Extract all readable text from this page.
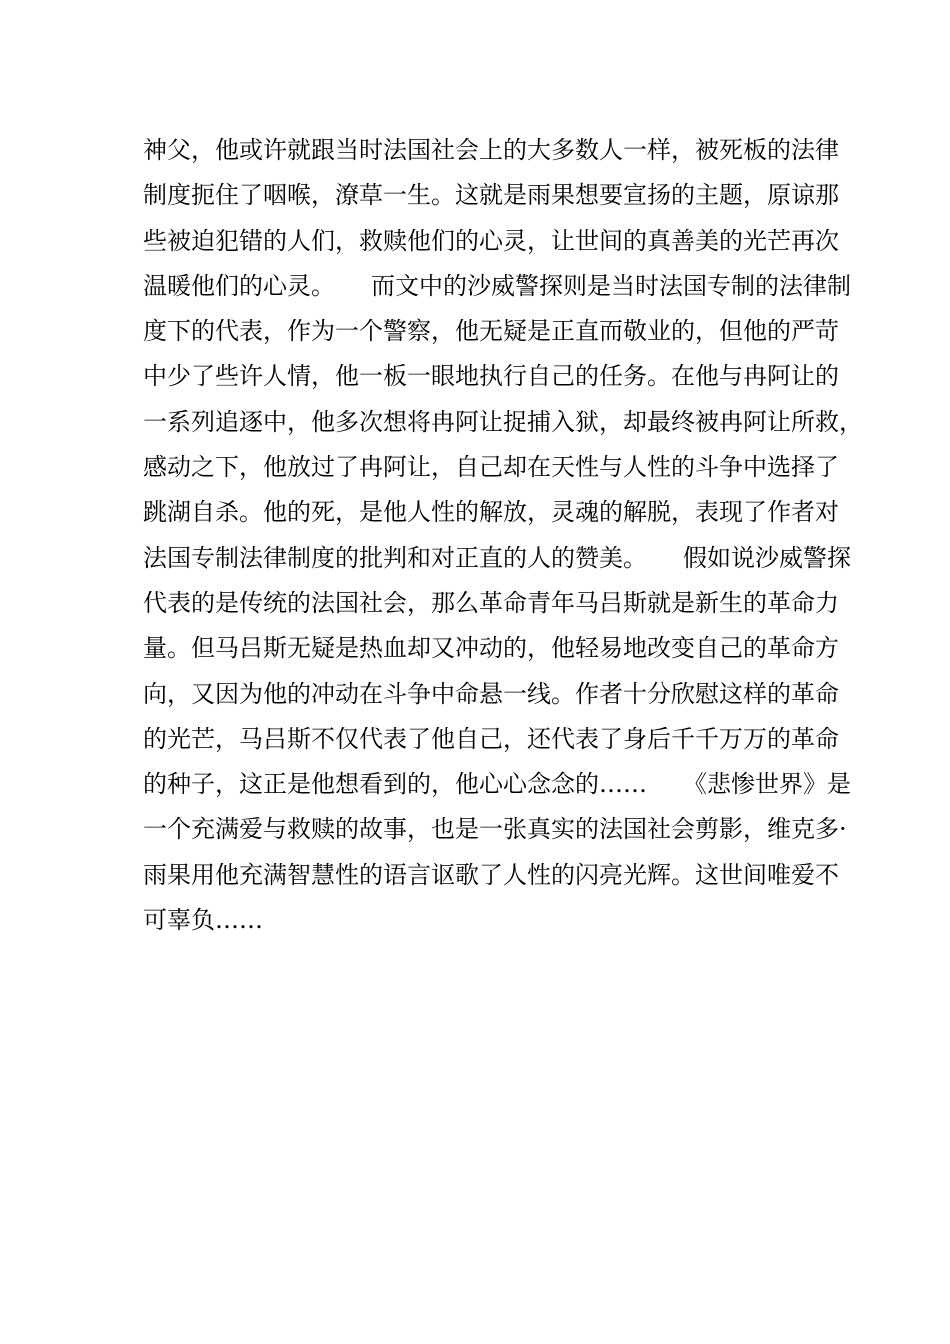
神父，他或许就跟当时法国社会上的大多数人一样，被死板的法律
制度扼住了咽喉，潦草一生。这就是雨果想要宣扬的主题，原谅那
些被迫犯错的人们，救赎他们的心灵，让世间的真善美的光芒再次
温暖他们的心灵。　　而文中的沙威警探则是当时法国专制的法律制
度下的代表，作为一个警察，他无疑是正直而敬业的，但他的严苛
中少了些许人情，他一板一眼地执行自己的任务。在他与冉阿让的
一系列追逐中，他多次想将冉阿让捉捕入狱，却最终被冉阿让所救，
感动之下，他放过了冉阿让，自己却在天性与人性的斗争中选择了
跳湖自杀。他的死，是他人性的解放，灵魂的解脱，表现了作者对
法国专制法律制度的批判和对正直的人的赞美。　　假如说沙威警探
代表的是传统的法国社会，那么革命青年马吕斯就是新生的革命力
量。但马吕斯无疑是热血却又冲动的，他轻易地改变自己的革命方
向，又因为他的冲动在斗争中命悬一线。作者十分欣慰这样的革命
的光芒，马吕斯不仅代表了他自己，还代表了身后千千万万的革命
的种子，这正是他想看到的，他心心念念的……　　《悲惨世界》是
一个充满爱与救赎的故事，也是一张真实的法国社会剪影，维克多·
雨果用他充满智慧性的语言讴歌了人性的闪亮光辉。这世间唯爱不
可辜负……
